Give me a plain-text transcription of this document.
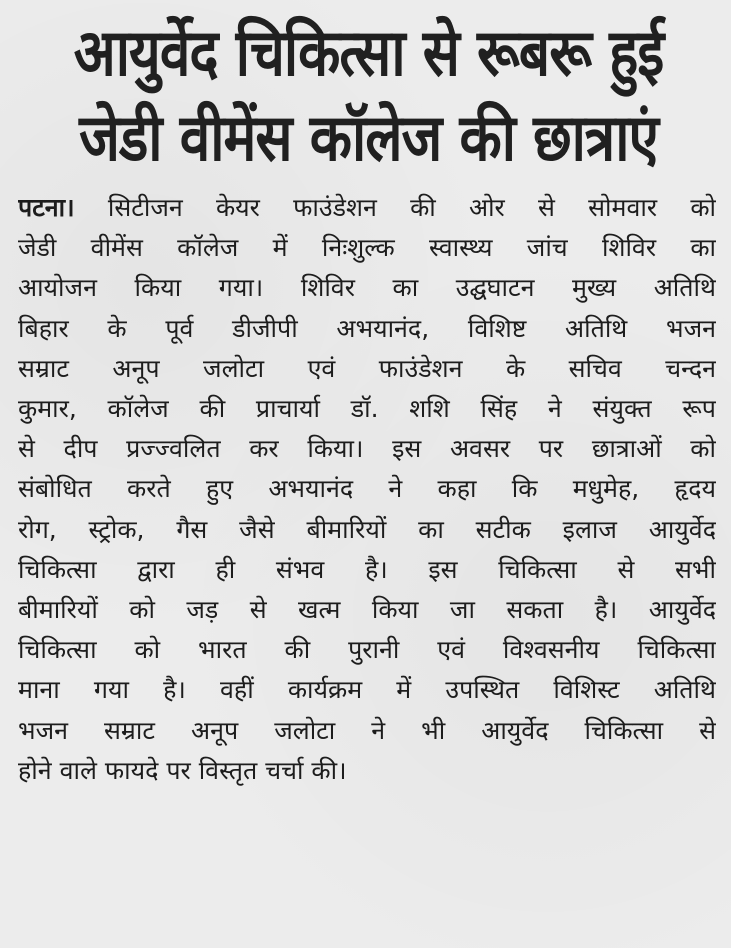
आयुर्वेद चिकित्सा से रूबरू हुई
जेडी वीमेंस कॉलेज की छात्राएं
पटना। सिटीजन केयर फाउंडेशन की ओर से सोमवार को
जेडी वीमेंस कॉलेज में निःशुल्क स्वास्थ्य जांच शिविर का
आयोजन किया गया। शिविर का उद्घघाटन मुख्य अतिथि
बिहार के पूर्व डीजीपी अभयानंद, विशिष्ट अतिथि भजन
सम्राट अनूप जलोटा एवं फाउंडेशन के सचिव चन्दन
कुमार, कॉलेज की प्राचार्या डॉ. शशि सिंह ने संयुक्त रूप
से दीप प्रज्ज्वलित कर किया। इस अवसर पर छात्राओं को
संबोधित करते हुए अभयानंद ने कहा कि मधुमेह, हृदय
रोग, स्ट्रोक, गैस जैसे बीमारियों का सटीक इलाज आयुर्वेद
चिकित्सा द्वारा ही संभव है। इस चिकित्सा से सभी
बीमारियों को जड़ से खत्म किया जा सकता है। आयुर्वेद
चिकित्सा को भारत की पुरानी एवं विश्वसनीय चिकित्सा
माना गया है। वहीं कार्यक्रम में उपस्थित विशिस्ट अतिथि
भजन सम्राट अनूप जलोटा ने भी आयुर्वेद चिकित्सा से
होने वाले फायदे पर विस्तृत चर्चा की।
